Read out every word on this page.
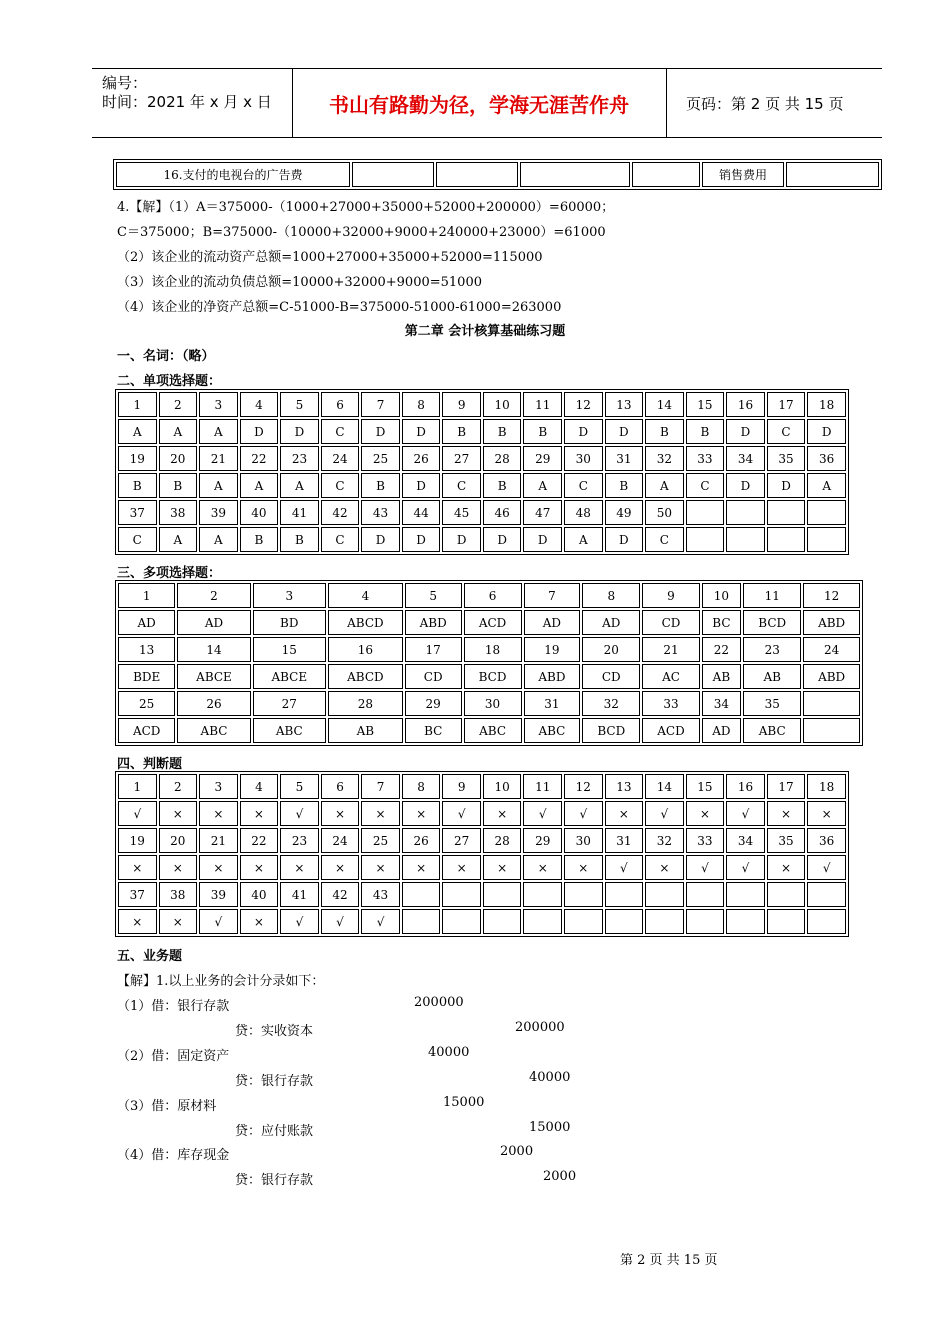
编号：
时间：2021 年 x 月 x 日	书山有路勤为径，学海无涯苦作舟	页码：第 2 页 共 15 页
16.支付的电视台的广告费					销售费用	
4.【解】（1）A＝375000-（1000+27000+35000+52000+200000）=60000；
C＝375000；B=375000-（10000+32000+9000+240000+23000）=61000
（2）该企业的流动资产总额=1000+27000+35000+52000=115000
（3）该企业的流动负债总额=10000+32000+9000=51000
（4）该企业的净资产总额=C-51000-B=375000-51000-61000=263000
第二章 会计核算基础练习题
一、名词：（略）
二、单项选择题：
1	2	3	4	5	6	7	8	9	10	11	12	13	14	15	16	17	18
A	A	A	D	D	C	D	D	B	B	B	D	D	B	B	D	C	D
19	20	21	22	23	24	25	26	27	28	29	30	31	32	33	34	35	36
B	B	A	A	A	C	B	D	C	B	A	C	B	A	C	D	D	A
37	38	39	40	41	42	43	44	45	46	47	48	49	50				
C	A	A	B	B	C	D	D	D	D	D	A	D	C				
三、多项选择题：
1	2	3	4	5	6	7	8	9	10	11	12
AD	AD	BD	ABCD	ABD	ACD	AD	AD	CD	BC	BCD	ABD
13	14	15	16	17	18	19	20	21	22	23	24
BDE	ABCE	ABCE	ABCD	CD	BCD	ABD	CD	AC	AB	AB	ABD
25	26	27	28	29	30	31	32	33	34	35	
ACD	ABC	ABC	AB	BC	ABC	ABC	BCD	ACD	AD	ABC	
四、判断题
1	2	3	4	5	6	7	8	9	10	11	12	13	14	15	16	17	18
√	×	×	×	√	×	×	×	√	×	√	√	×	√	×	√	×	×
19	20	21	22	23	24	25	26	27	28	29	30	31	32	33	34	35	36
×	×	×	×	×	×	×	×	×	×	×	×	√	×	√	√	×	√
37	38	39	40	41	42	43											
×	×	√	×	√	√	√											
五、业务题
【解】1.以上业务的会计分录如下：
（1）借：银行存款	200000
贷：实收资本	200000
（2）借：固定资产	40000
贷：银行存款	40000
（3）借：原材料	15000
贷：应付账款	15000
（4）借：库存现金	2000
贷：银行存款	2000
第 2 页 共 15 页
